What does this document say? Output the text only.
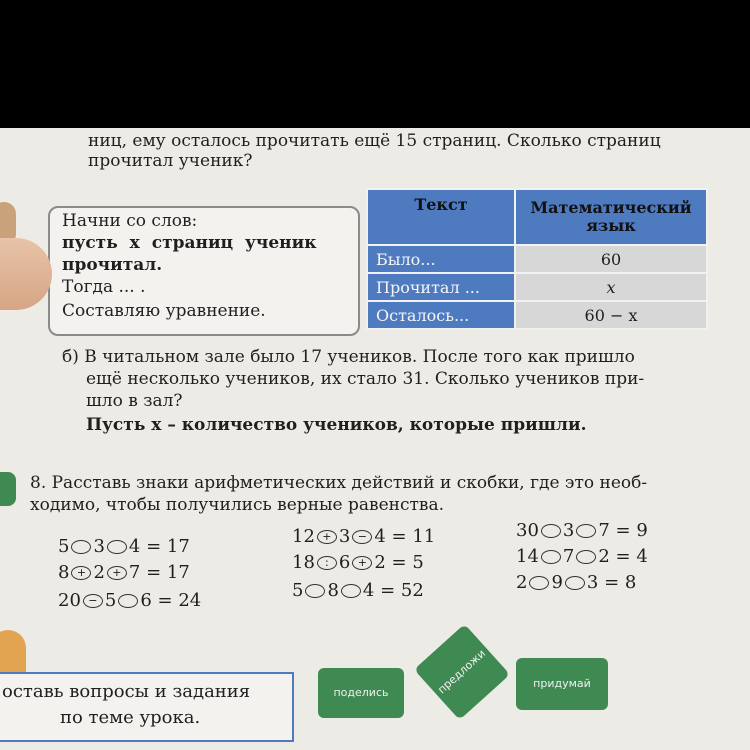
ниц, ему осталось прочитать ещё 15 страниц. Сколько страниц
прочитал ученик?
Начни со слов:
пусть х страниц ученик
прочитал.
Тогда ... .
Составляю уравнение.
Текст	Математический
язык

Было...	60
Прочитал ...	x
Осталось...	60 − x
б) В читальном зале было 17 учеников. После того как пришло
ещё несколько учеников, их стало 31. Сколько учеников при-
шло в зал?
Пусть х – количество учеников, которые пришли.
8. Расставь знаки арифметических действий и скобки, где это необ-
ходимо, чтобы получились верные равенства.
5 3 4 = 17
8 + 2 + 7 = 17
20 − 5 6 = 24
12 + 3 − 4 = 11
18 : 6 + 2 = 5
5 8 4 = 52
30 3 7 = 9
14 7 2 = 4
2 9 3 = 8
оставь вопросы и задания
по теме урока.
поделись	предложи	придумай
